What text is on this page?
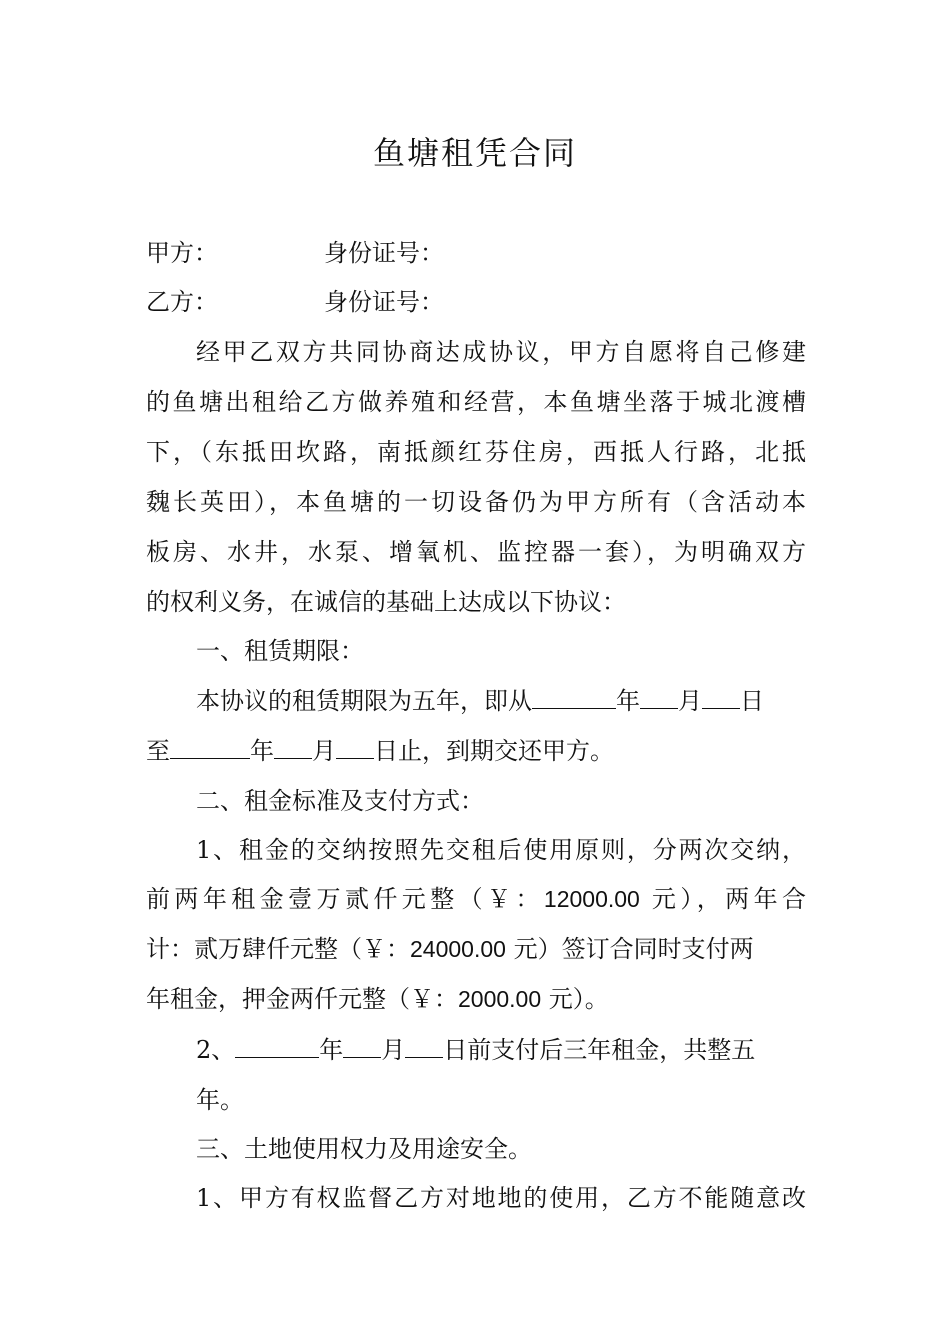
鱼塘租凭合同
甲方：	身份证号：
乙方：	身份证号：
经甲乙双方共同协商达成协议，甲方自愿将自己修建
的鱼塘出租给乙方做养殖和经营，本鱼塘坐落于城北渡槽
下，（东抵田坎路，南抵颜红芬住房，西抵人行路，北抵
魏长英田），本鱼塘的一切设备仍为甲方所有（含活动本
板房、水井，水泵、增氧机、监控器一套），为明确双方
的权利义务，在诚信的基础上达成以下协议：
一、租赁期限：
本协议的租赁期限为五年，即从	年 月 日
至	年 月 日止，到期交还甲方。
二、租金标准及支付方式：
1、租金的交纳按照先交租后使用原则，分两次交纳，
前两年租金壹万贰仟元整（￥：12000.00 元），两年合
计：贰万肆仟元整（￥：24000.00 元）签订合同时支付两
年租金，押金两仟元整（￥：2000.00 元）。
2、	年 月 日前支付后三年租金，共整五
年。
三、土地使用权力及用途安全。
1、甲方有权监督乙方对地地的使用，乙方不能随意改
